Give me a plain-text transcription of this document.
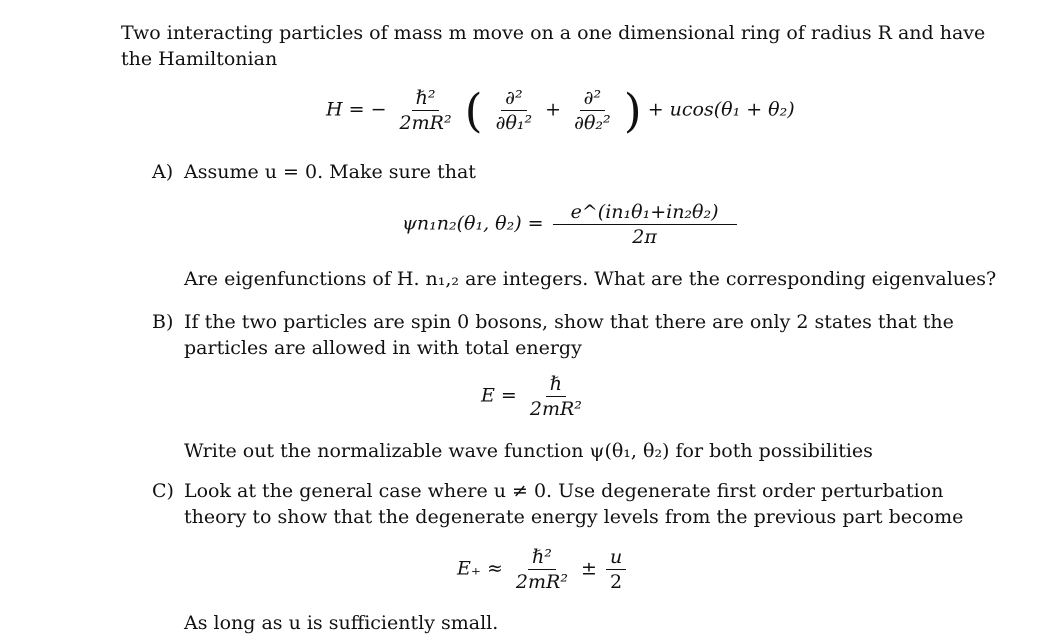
Two interacting particles of mass m move on a one dimensional ring of radius R and have
the Hamiltonian
H = − $\frac{\text{ℏ²}}{\text{2mR²}}$ ( $\frac{\text{∂²}}{\text{∂θ₁²}} + \frac{\text{∂²}}{\text{∂θ₂²}}$ ) + ucos(θ₁ + θ₂)
A) Assume u = 0. Make sure that
ψn₁n₂(θ₁, $\theta_2) = \frac{\text{e\textasciicircum{}(in₁θ₁+in₂θ₂)}}{2\pi}$
Are eigenfunctions of H. n₁,₂ are integers. What are the corresponding eigenvalues?
B) If the two particles are spin 0 bosons, show that there are only 2 states that the
particles are allowed in with total energy
$E = \frac{\text{ℏ}}{\text{2mR²}}$
Write out the normalizable wave function ψ(θ₁, θ₂) for both possibilities
C) Look at the general case where u ≠ 0. Use degenerate first order perturbation
theory to show that the degenerate energy levels from the previous part become
$E_+ \approx \frac{\text{ℏ²}}{\text{2mR²}} \pm \frac{u}{2}$
As long as u is sufficiently small.
